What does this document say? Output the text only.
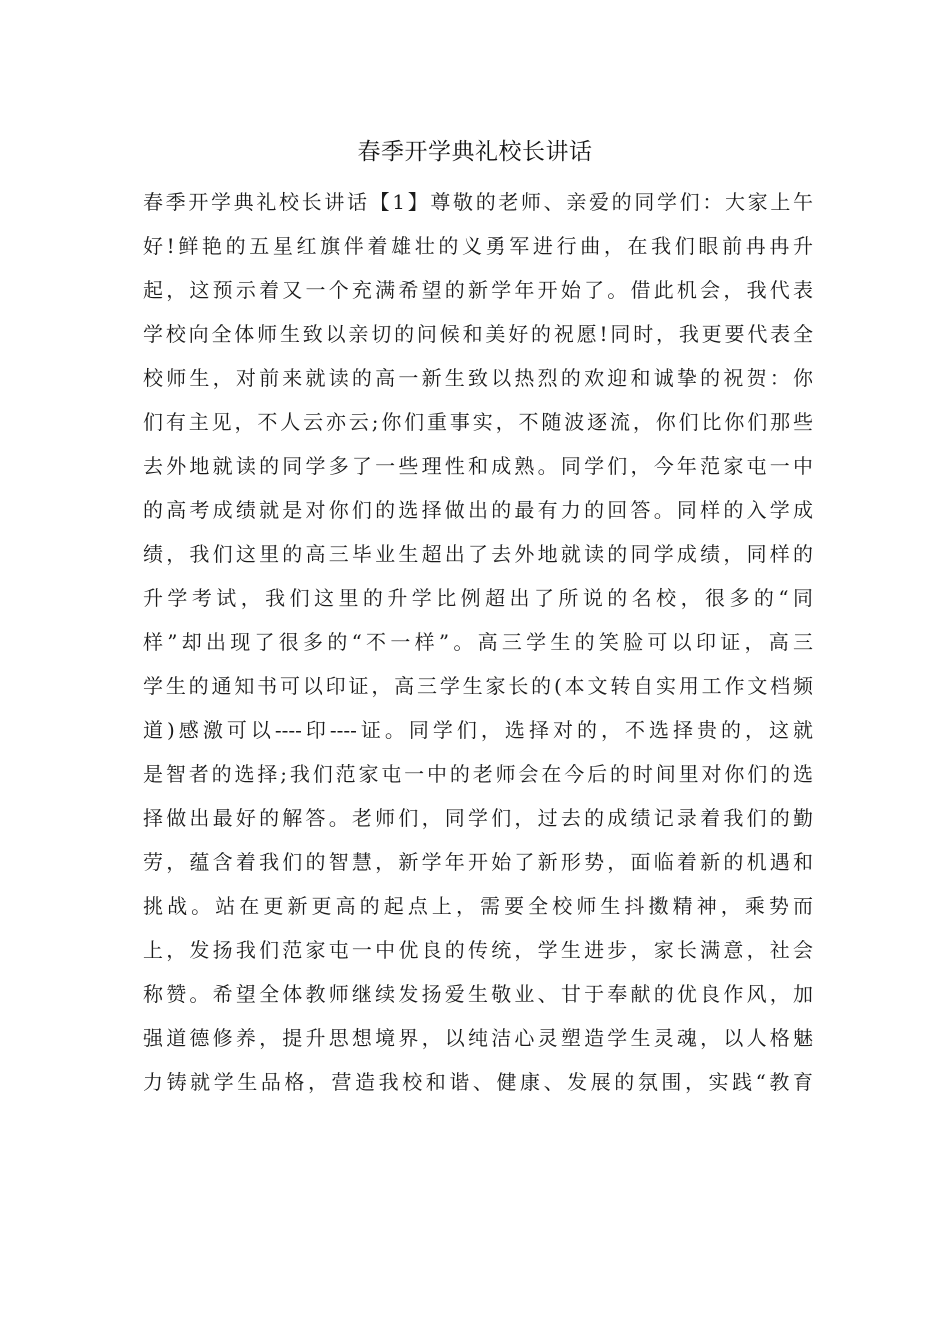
春季开学典礼校长讲话
春季开学典礼校长讲话【1】尊敬的老师、亲爱的同学们：大家上午
好!鲜艳的五星红旗伴着雄壮的义勇军进行曲，在我们眼前冉冉升
起，这预示着又一个充满希望的新学年开始了。借此机会，我代表
学校向全体师生致以亲切的问候和美好的祝愿!同时，我更要代表全
校师生，对前来就读的高一新生致以热烈的欢迎和诚挚的祝贺：你
们有主见，不人云亦云;你们重事实，不随波逐流，你们比你们那些
去外地就读的同学多了一些理性和成熟。同学们，今年范家屯一中
的高考成绩就是对你们的选择做出的最有力的回答。同样的入学成
绩，我们这里的高三毕业生超出了去外地就读的同学成绩，同样的
升学考试，我们这里的升学比例超出了所说的名校，很多的“同
样”却出现了很多的“不一样”。高三学生的笑脸可以印证，高三
学生的通知书可以印证，高三学生家长的(本文转自实用工作文档频
道)感激可以----印----证。同学们，选择对的，不选择贵的，这就
是智者的选择;我们范家屯一中的老师会在今后的时间里对你们的选
择做出最好的解答。老师们，同学们，过去的成绩记录着我们的勤
劳，蕴含着我们的智慧，新学年开始了新形势，面临着新的机遇和
挑战。站在更新更高的起点上，需要全校师生抖擞精神，乘势而
上，发扬我们范家屯一中优良的传统，学生进步，家长满意，社会
称赞。希望全体教师继续发扬爱生敬业、甘于奉献的优良作风，加
强道德修养，提升思想境界，以纯洁心灵塑造学生灵魂，以人格魅
力铸就学生品格，营造我校和谐、健康、发展的氛围，实践“教育
